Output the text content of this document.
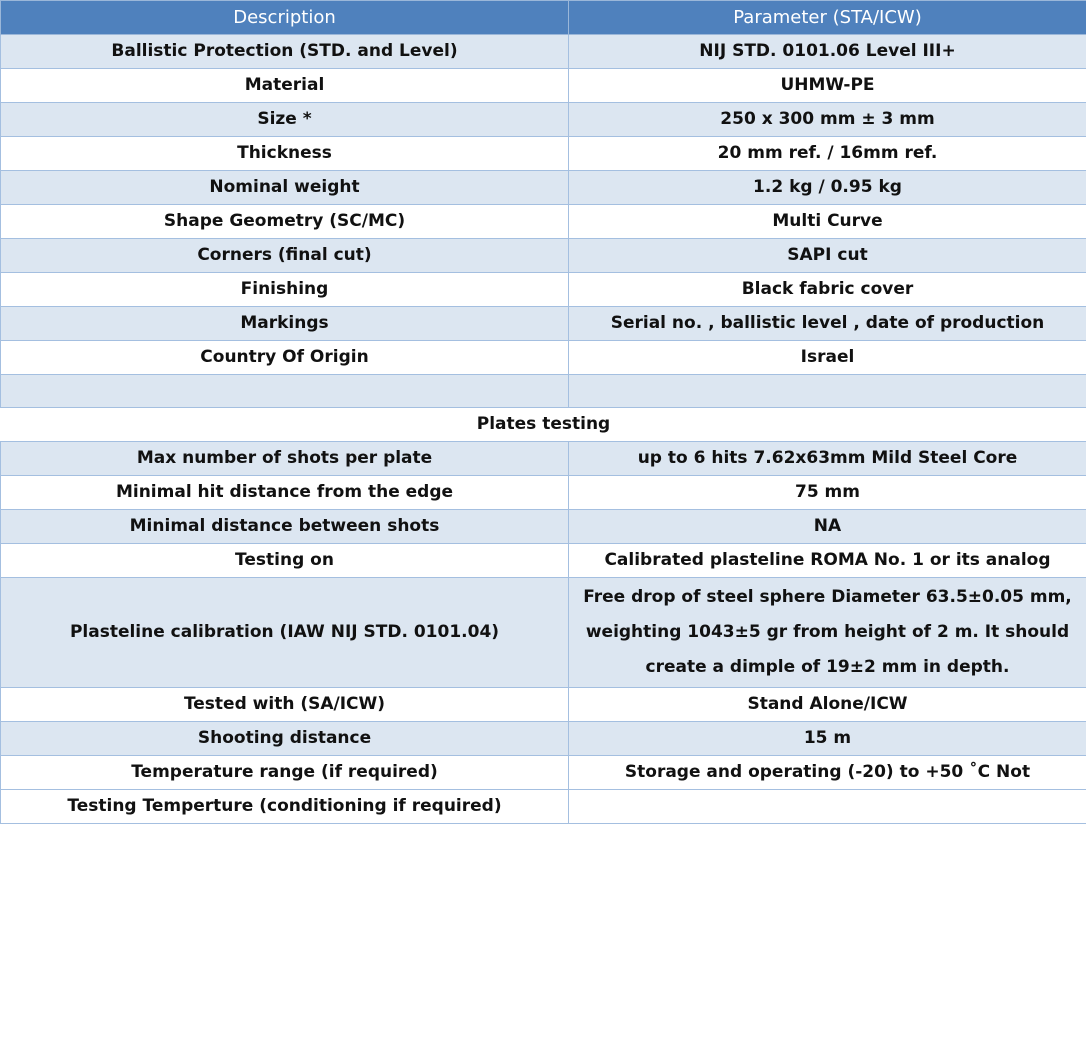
Description	Parameter (STA/ICW)
Ballistic Protection (STD. and Level)	NIJ STD. 0101.06 Level III+
Material	UHMW-PE
Size *	250 x 300 mm ± 3 mm
Thickness	20 mm ref. / 16mm ref.
Nominal weight	1.2 kg / 0.95 kg
Shape Geometry (SC/MC)	Multi Curve
Corners (final cut)	SAPI cut
Finishing	Black fabric cover
Markings	Serial no. , ballistic level , date of production
Country Of Origin	Israel

Plates testing	
Max number of shots per plate	up to 6 hits 7.62x63mm Mild Steel Core
Minimal hit distance from the edge	75 mm
Minimal distance between shots	NA
Testing on	Calibrated plasteline ROMA No. 1 or its analog
Plasteline calibration (IAW NIJ STD. 0101.04)	Free drop of steel sphere Diameter 63.5±0.05 mm, weighting 1043±5 gr from height of 2 m. It should create a dimple of 19±2 mm in depth.
Tested with (SA/ICW)	Stand Alone/ICW
Shooting distance	15 m
Temperature range (if required)	Storage and operating (-20) to +50 ˚C Not
Testing Temperture (conditioning if required)	
